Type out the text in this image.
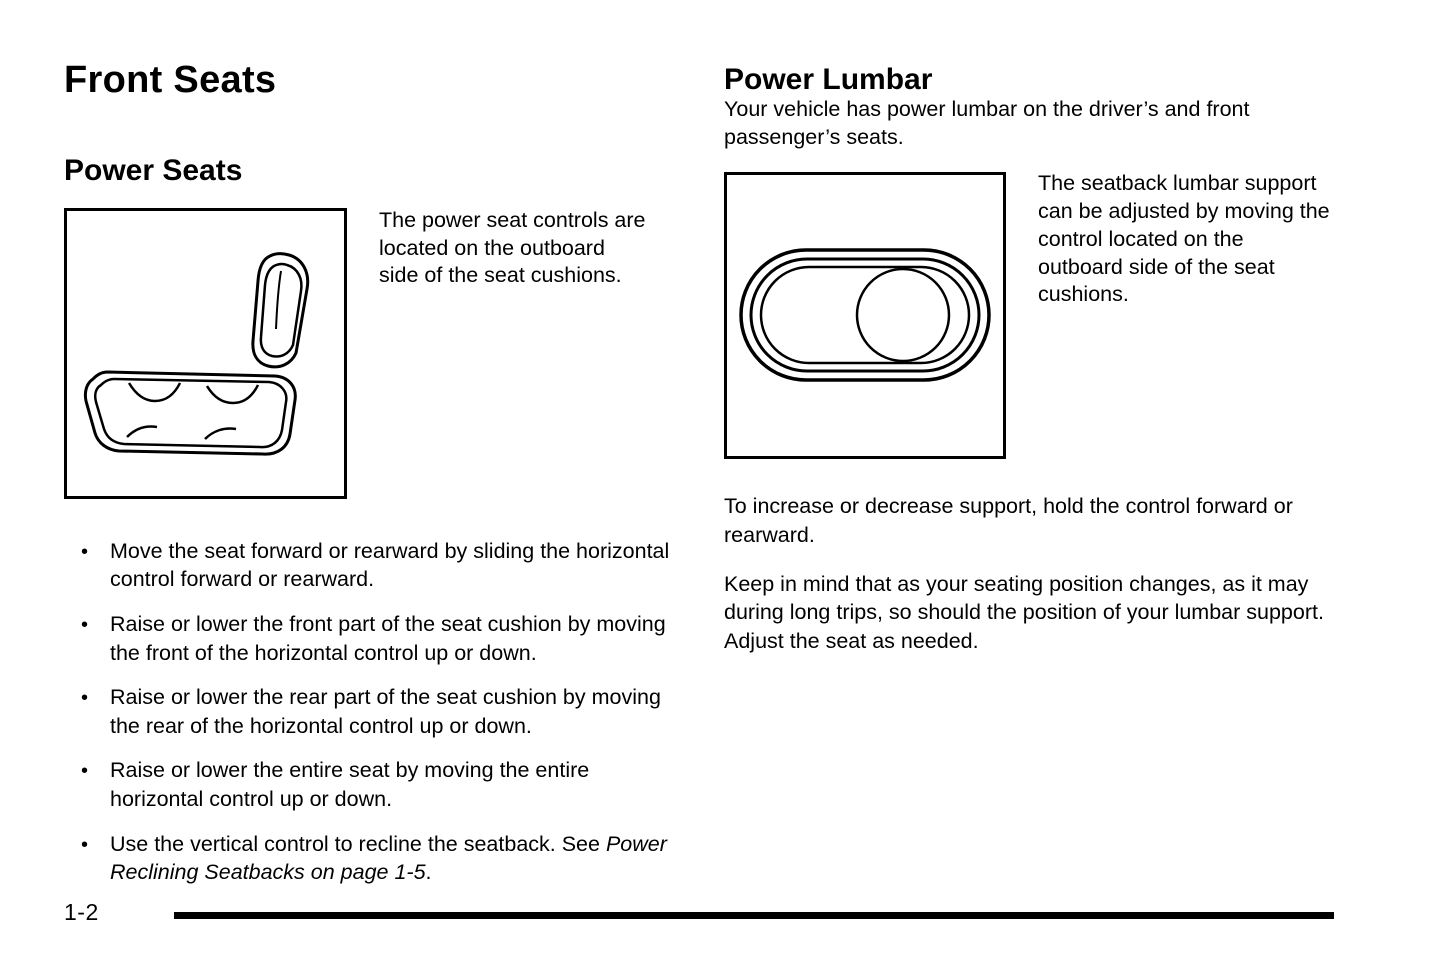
Front Seats
Power Seats
The power seat controls are located on the outboard side of the seat cushions.
• Move the seat forward or rearward by sliding the horizontal control forward or rearward.
• Raise or lower the front part of the seat cushion by moving the front of the horizontal control up or down.
• Raise or lower the rear part of the seat cushion by moving the rear of the horizontal control up or down.
• Raise or lower the entire seat by moving the entire horizontal control up or down.
• Use the vertical control to recline the seatback. See Power Reclining Seatbacks on page 1-5.
Power Lumbar

Your vehicle has power lumbar on the driver’s and front passenger’s seats.

The seatback lumbar support can be adjusted by moving the control located on the outboard side of the seat cushions.

To increase or decrease support, hold the control forward or rearward.

Keep in mind that as your seating position changes, as it may during long trips, so should the position of your lumbar support. Adjust the seat as needed.

1-2
